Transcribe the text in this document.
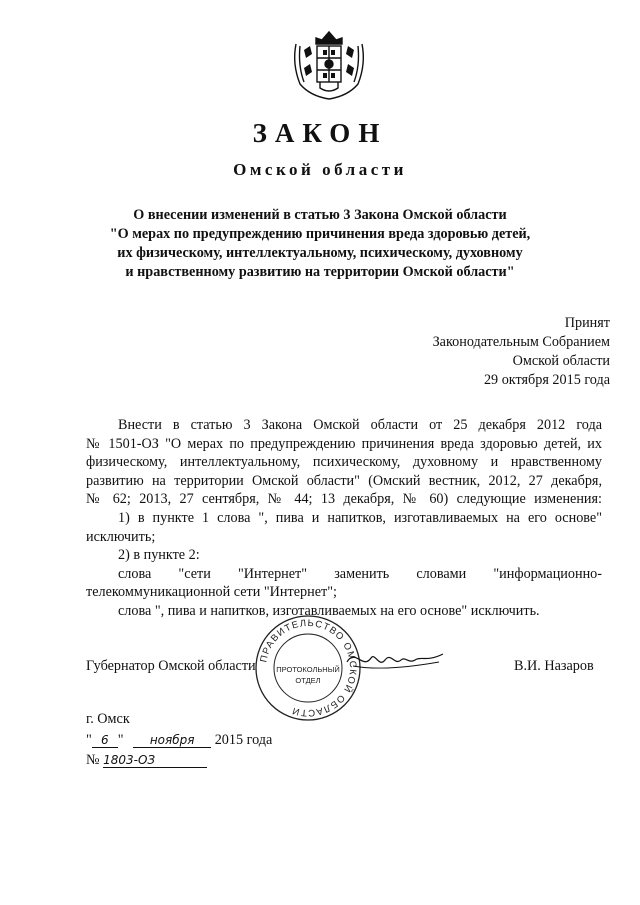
ЗАКОН
Омской области
О внесении изменений в статью 3 Закона Омской области
"О мерах по предупреждению причинения вреда здоровью детей,
их физическому, интеллектуальному, психическому, духовному
и нравственному развитию на территории Омской области"
Принят
Законодательным Собранием
Омской области
29 октября 2015 года
Внести в статью 3 Закона Омской области от 25 декабря 2012 года
№ 1501-ОЗ "О мерах по предупреждению причинения вреда здоровью детей, их
физическому, интеллектуальному, психическому, духовному и нравственному
развитию на территории Омской области" (Омский вестник, 2012, 27 декабря,
№ 62; 2013, 27 сентября, № 44; 13 декабря, № 60) следующие изменения:
1) в пункте 1 слова ", пива и напитков, изготавливаемых на его основе"
исключить;
2) в пункте 2:
слова "сети "Интернет" заменить словами "информационно-
телекоммуникационной сети "Интернет";
слова ", пива и напитков, изготавливаемых на его основе" исключить.
ПРАВИТЕЛЬСТВО ОМСКОЙ ОБЛАСТИ
ПРОТОКОЛЬНЫЙ
ОТДЕЛ
Губернатор Омской области	В.И. Назаров
г. Омск
" 6 " ноября 2015 года
№ 1803-ОЗ
